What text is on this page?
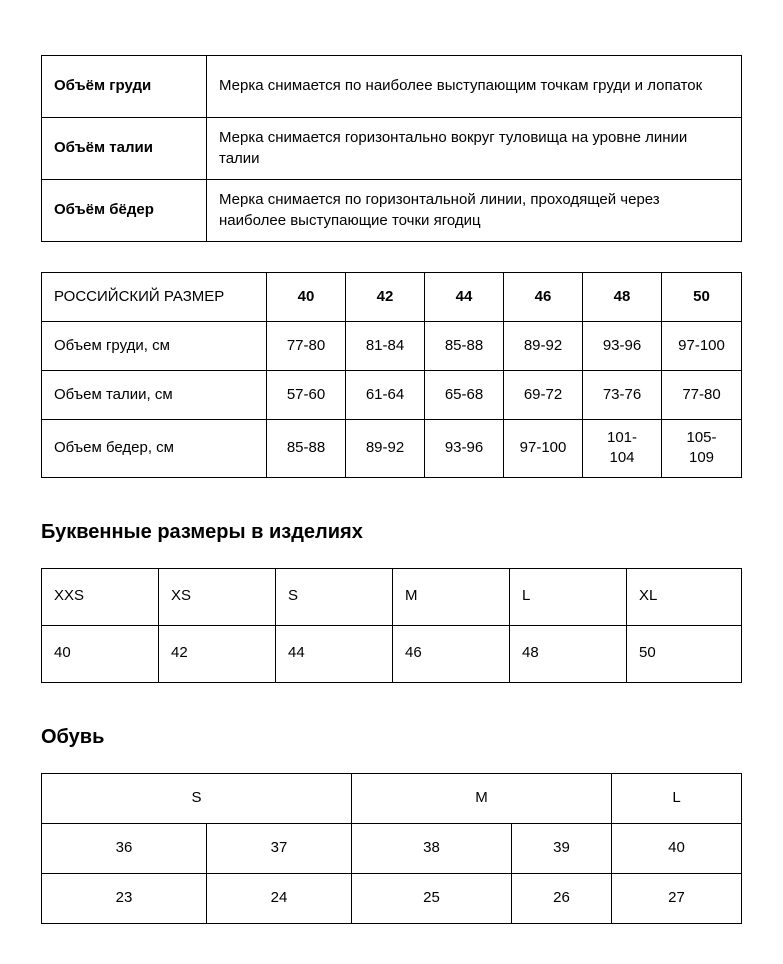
Объём груди	Мерка снимается по наиболее выступающим точкам груди и лопаток
Объём талии	Мерка снимается горизонтально вокруг туловища на уровне линии талии
Объём бёдер	Мерка снимается по горизонтальной линии, проходящей через наиболее выступающие точки ягодиц
РОССИЙСКИЙ РАЗМЕР	40	42	44	46	48	50
Объем груди, см	77-80	81-84	85-88	89-92	93-96	97-100
Объем талии, см	57-60	61-64	65-68	69-72	73-76	77-80
Объем бедер, см	85-88	89-92	93-96	97-100	101-104	105-109
Буквенные размеры в изделиях
XXS	XS	S	M	L	XL
40	42	44	46	48	50
Обувь
S		M		L
36	37	38	39	40
23	24	25	26	27
